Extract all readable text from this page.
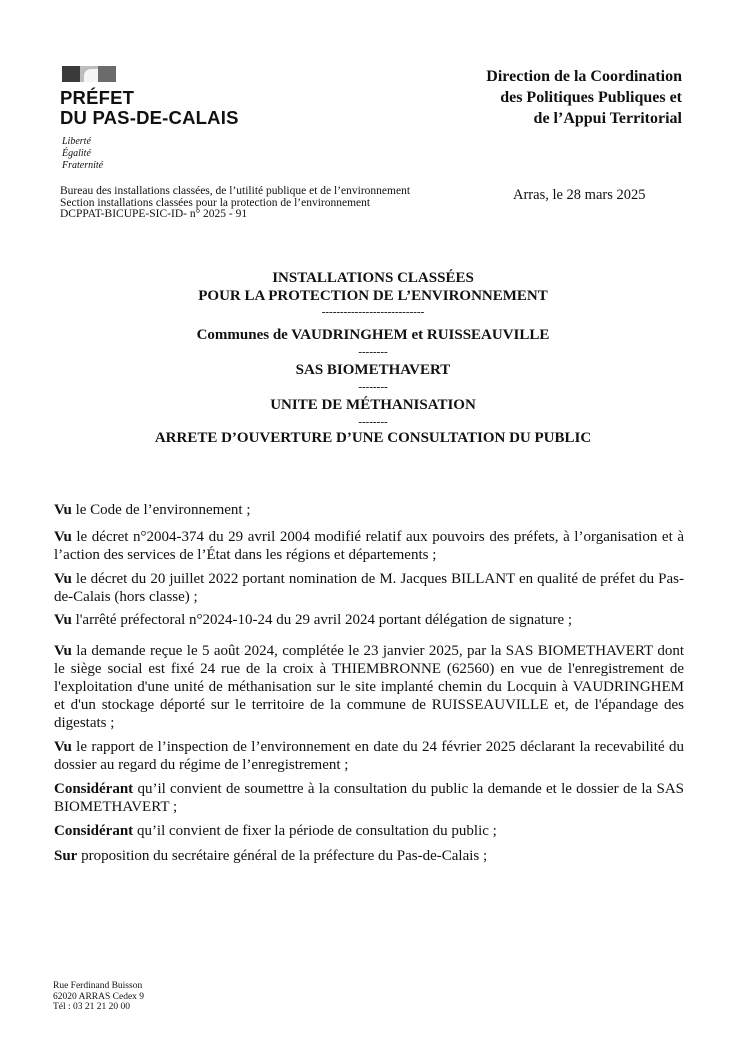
PRÉFET
DU PAS-DE-CALAIS
Liberté
Égalité
Fraternité
Direction de la Coordination
des Politiques Publiques et
de l’Appui Territorial
Bureau des installations classées, de l’utilité publique et de l’environnement
Section installations classées pour la protection de l’environnement
DCPPAT-BICUPE-SIC-ID- n° 2025 - 91
Arras, le 28 mars 2025
INSTALLATIONS CLASSÉES
POUR LA PROTECTION DE L’ENVIRONNEMENT
----------------------------
Communes de VAUDRINGHEM et RUISSEAUVILLE
--------
SAS BIOMETHAVERT
--------
UNITE DE MÉTHANISATION
--------
ARRETE D’OUVERTURE D’UNE CONSULTATION DU PUBLIC
Vu le Code de l’environnement ;
Vu le décret n°2004-374 du 29 avril 2004 modifié relatif aux pouvoirs des préfets, à l’organisation et à l’action des services de l’État dans les régions et départements ;
Vu le décret du 20 juillet 2022 portant nomination de M. Jacques BILLANT en qualité de préfet du Pas-de-Calais (hors classe) ;
Vu l'arrêté préfectoral n°2024-10-24 du 29 avril 2024 portant délégation de signature ;
Vu la demande reçue le 5 août 2024, complétée le 23 janvier 2025, par la SAS BIOMETHAVERT dont le siège social est fixé 24 rue de la croix à THIEMBRONNE (62560) en vue de l'enregistrement de l'exploitation d'une unité de méthanisation sur le site implanté chemin du Locquin à VAUDRINGHEM et d'un stockage déporté sur le territoire de la commune de RUISSEAUVILLE et, de l'épandage des digestats ;
Vu le rapport de l’inspection de l’environnement en date du 24 février 2025 déclarant la recevabilité du dossier au regard du régime de l’enregistrement ;
Considérant qu’il convient de soumettre à la consultation du public la demande et le dossier de la SAS BIOMETHAVERT ;
Considérant qu’il convient de fixer la période de consultation du public ;
Sur proposition du secrétaire général de la préfecture du Pas-de-Calais ;
Rue Ferdinand Buisson
62020 ARRAS Cedex 9
Tél : 03 21 21 20 00
